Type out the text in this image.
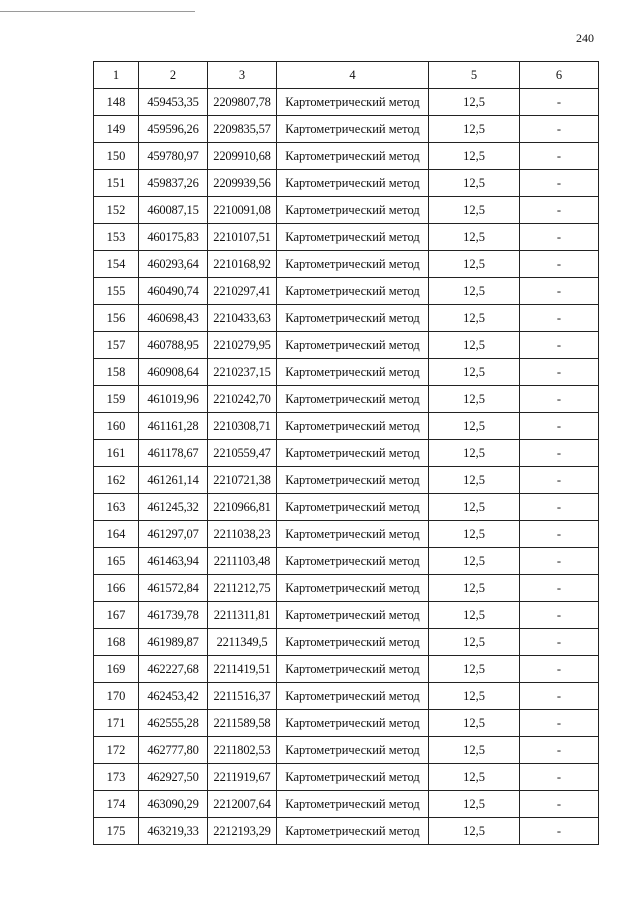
240
1	2	3	4	5	6
148	459453,35	2209807,78	Картометрический метод	12,5	-
149	459596,26	2209835,57	Картометрический метод	12,5	-
150	459780,97	2209910,68	Картометрический метод	12,5	-
151	459837,26	2209939,56	Картометрический метод	12,5	-
152	460087,15	2210091,08	Картометрический метод	12,5	-
153	460175,83	2210107,51	Картометрический метод	12,5	-
154	460293,64	2210168,92	Картометрический метод	12,5	-
155	460490,74	2210297,41	Картометрический метод	12,5	-
156	460698,43	2210433,63	Картометрический метод	12,5	-
157	460788,95	2210279,95	Картометрический метод	12,5	-
158	460908,64	2210237,15	Картометрический метод	12,5	-
159	461019,96	2210242,70	Картометрический метод	12,5	-
160	461161,28	2210308,71	Картометрический метод	12,5	-
161	461178,67	2210559,47	Картометрический метод	12,5	-
162	461261,14	2210721,38	Картометрический метод	12,5	-
163	461245,32	2210966,81	Картометрический метод	12,5	-
164	461297,07	2211038,23	Картометрический метод	12,5	-
165	461463,94	2211103,48	Картометрический метод	12,5	-
166	461572,84	2211212,75	Картометрический метод	12,5	-
167	461739,78	2211311,81	Картометрический метод	12,5	-
168	461989,87	2211349,5	Картометрический метод	12,5	-
169	462227,68	2211419,51	Картометрический метод	12,5	-
170	462453,42	2211516,37	Картометрический метод	12,5	-
171	462555,28	2211589,58	Картометрический метод	12,5	-
172	462777,80	2211802,53	Картометрический метод	12,5	-
173	462927,50	2211919,67	Картометрический метод	12,5	-
174	463090,29	2212007,64	Картометрический метод	12,5	-
175	463219,33	2212193,29	Картометрический метод	12,5	-
